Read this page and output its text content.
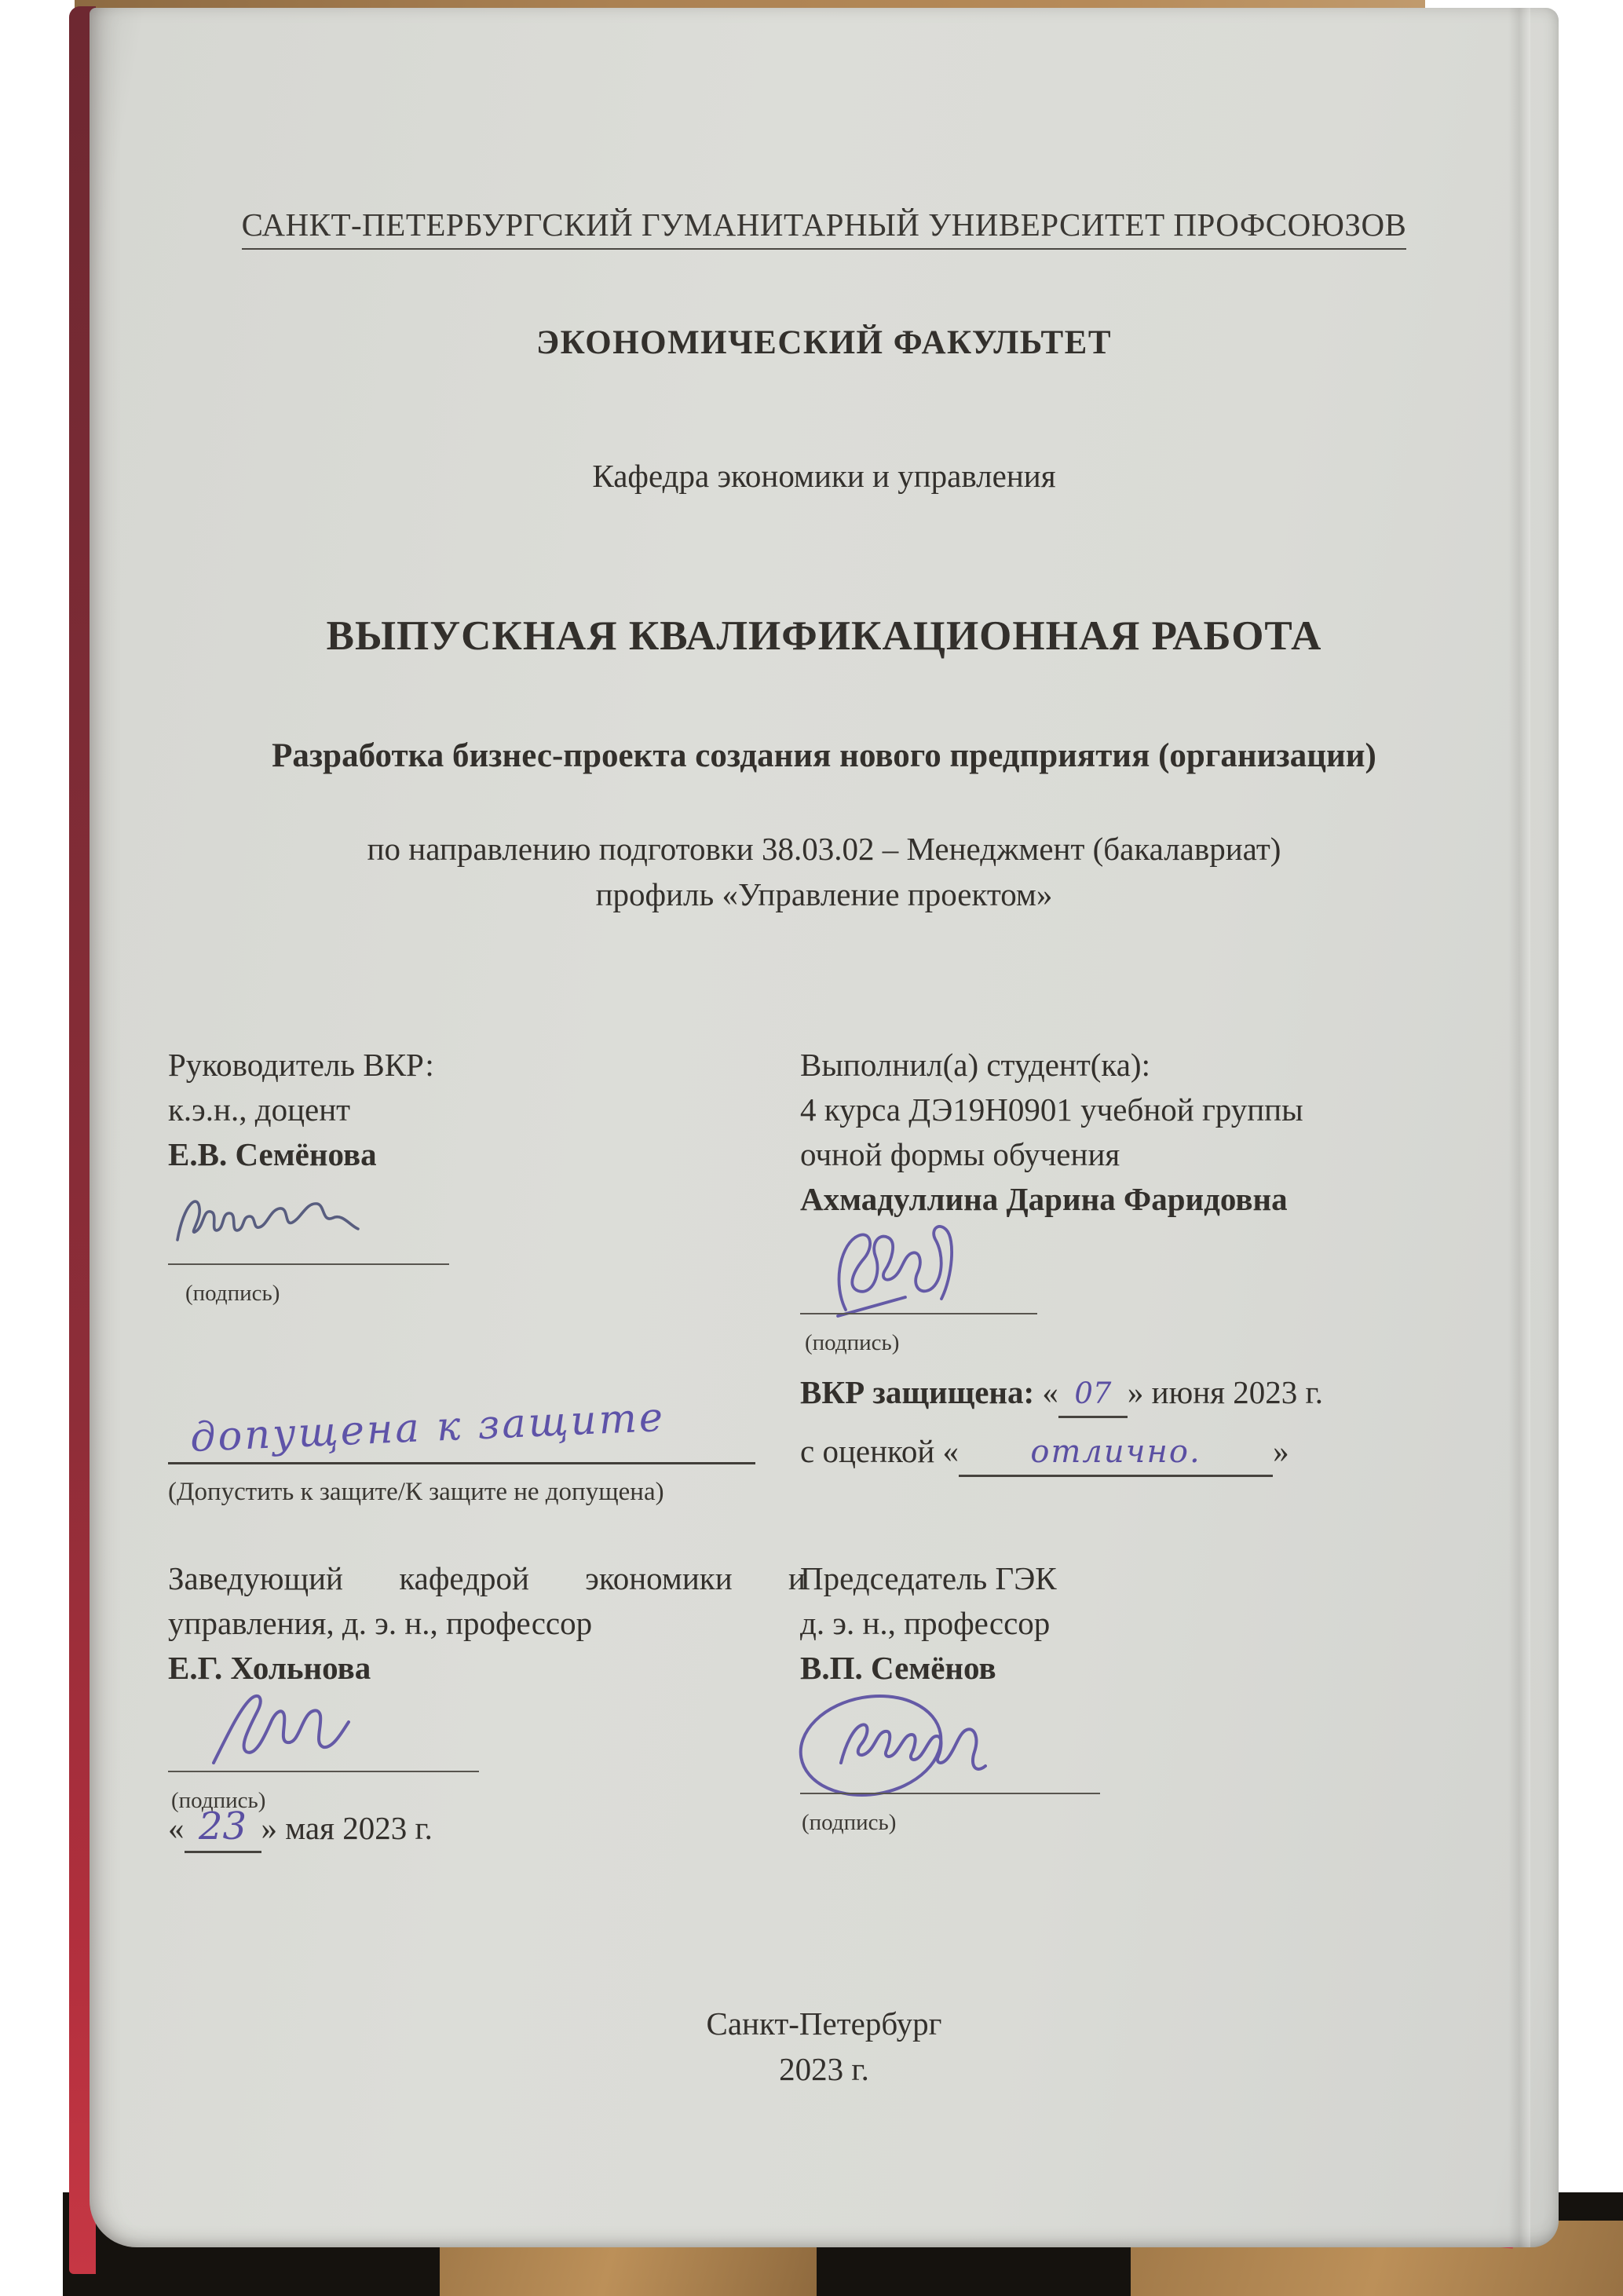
САНКТ-ПЕТЕРБУРГСКИЙ ГУМАНИТАРНЫЙ УНИВЕРСИТЕТ ПРОФСОЮЗОВ
ЭКОНОМИЧЕСКИЙ ФАКУЛЬТЕТ
Кафедра экономики и управления
ВЫПУСКНАЯ КВАЛИФИКАЦИОННАЯ РАБОТА
Разработка бизнес-проекта создания нового предприятия (организации)
по направлению подготовки 38.03.02 – Менеджмент (бакалавриат)
профиль «Управление проектом»
Руководитель ВКР:
к.э.н., доцент
Е.В. Семёнова
(подпись)
Выполнил(а) студент(ка):
4 курса ДЭ19Н0901 учебной группы
очной формы обучения
Ахмадуллина Дарина Фаридовна
(подпись)
ВКР защищена: « 07 » июня 2023 г.
с оценкой « отлично. »
допущена к защите
(Допустить к защите/К защите не допущена)
Заведующий кафедрой экономики и управления, д. э. н., профессор
Е.Г. Хольнова
(подпись)
« 23 » мая 2023 г.
Председатель ГЭК
д. э. н., профессор
В.П. Семёнов
(подпись)
Санкт-Петербург
2023 г.
